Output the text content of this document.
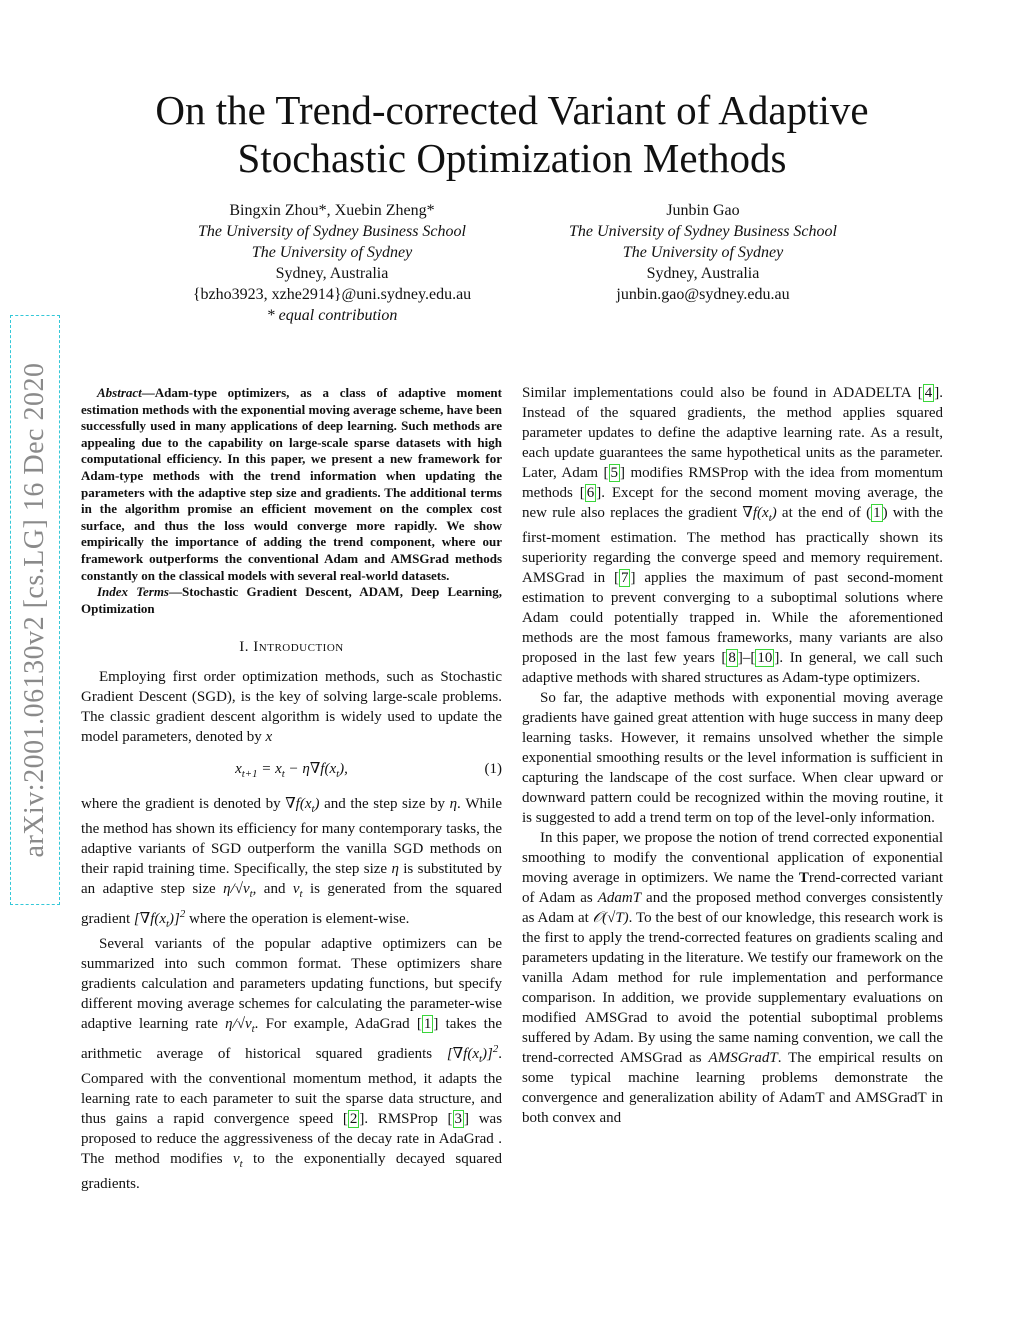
arXiv:2001.06130v2 [cs.LG] 16 Dec 2020
On the Trend-corrected Variant of Adaptive
Stochastic Optimization Methods
Bingxin Zhou*, Xuebin Zheng*
The University of Sydney Business School
The University of Sydney
Sydney, Australia
{bzho3923, xzhe2914}@uni.sydney.edu.au
* equal contribution
Junbin Gao
The University of Sydney Business School
The University of Sydney
Sydney, Australia
junbin.gao@sydney.edu.au

Abstract—Adam-type optimizers, as a class of adaptive moment estimation methods with the exponential moving average scheme, have been successfully used in many applications of deep learning. Such methods are appealing due to the capability on large-scale sparse datasets with high computational efficiency. In this paper, we present a new framework for Adam-type methods with the trend information when updating the parameters with the adaptive step size and gradients. The additional terms in the algorithm promise an efficient movement on the complex cost surface, and thus the loss would converge more rapidly. We show empirically the importance of adding the trend component, where our framework outperforms the conventional Adam and AMSGrad methods constantly on the classical models with several real-world datasets.

Index Terms—Stochastic Gradient Descent, ADAM, Deep Learning, Optimization

I. Introduction

Employing first order optimization methods, such as Stochastic Gradient Descent (SGD), is the key of solving large-scale problems. The classic gradient descent algorithm is widely used to update the model parameters, denoted by x

$x_{t+1} = x_t - \eta\nabla f(x_t)$,	(1)

where the gradient is denoted by $\nabla f(x_t)$ and the step size by η. While the method has shown its efficiency for many contemporary tasks, the adaptive variants of SGD outperform the vanilla SGD methods on their rapid training time. Specifically, the step size η is substituted by an adaptive step size $\eta/√v_t$, and $v_t$ is generated from the squared gradient $[\nabla f(x_t)]^2$ where the operation is element-wise.

Several variants of the popular adaptive optimizers can be summarized into such common format. These optimizers share gradients calculation and parameters updating functions, but specify different moving average schemes for calculating the parameter-wise adaptive learning rate $\eta/√v_t$. For example, AdaGrad [ 1 ] takes the arithmetic average of historical squared gradients $[\nabla f(x_t)]^2$. Compared with the conventional momentum method, it adapts the learning rate to each parameter to suit the sparse data structure, and thus gains a rapid convergence speed [ 2 ]. RMSProp [ 3 ] was proposed to reduce the aggressiveness of the decay rate in AdaGrad . The method modifies $v_t$ to the exponentially decayed squared gradients.

Similar implementations could also be found in ADADELTA [ 4 ]. Instead of the squared gradients, the method applies squared parameter updates to define the adaptive learning rate. As a result, each update guarantees the same hypothetical units as the parameter. Later, Adam [ 5 ] modifies RMSProp with the idea from momentum methods [ 6 ]. Except for the second moment moving average, the new rule also replaces the gradient $\nabla f(x_t)$ at the end of ( 1 ) with the first-moment estimation. The method has practically shown its superiority regarding the converge speed and memory requirement. AMSGrad in [ 7 ] applies the maximum of past second-moment estimation to prevent converging to a suboptimal solutions where Adam could potentially trapped in. While the aforementioned methods are the most famous frameworks, many variants are also proposed in the last few years [ 8 ]–[ 10 ]. In general, we call such adaptive methods with shared structures as Adam-type optimizers.

So far, the adaptive methods with exponential moving average gradients have gained great attention with huge success in many deep learning tasks. However, it remains unsolved whether the simple exponential smoothing results or the level information is sufficient in capturing the landscape of the cost surface. When clear upward or downward pattern could be recognized within the moving routine, it is suggested to add a trend term on top of the level-only information.

In this paper, we propose the notion of trend corrected exponential smoothing to modify the conventional application of exponential moving average in optimizers. We name the Trend-corrected variant of Adam as AdamT and the proposed method converges consistently as Adam at 𝒪(√T). To the best of our knowledge, this research work is the first to apply the trend-corrected features on gradients scaling and parameters updating in the literature. We testify our framework on the vanilla Adam method for rule implementation and performance comparison. In addition, we provide supplementary evaluations on modified AMSGrad to avoid the potential suboptimal problems suffered by Adam. By using the same naming convention, we call the trend-corrected AMSGrad as AMSGradT. The empirical results on some typical machine learning problems demonstrate the convergence and generalization ability of AdamT and AMSGradT in both convex and
